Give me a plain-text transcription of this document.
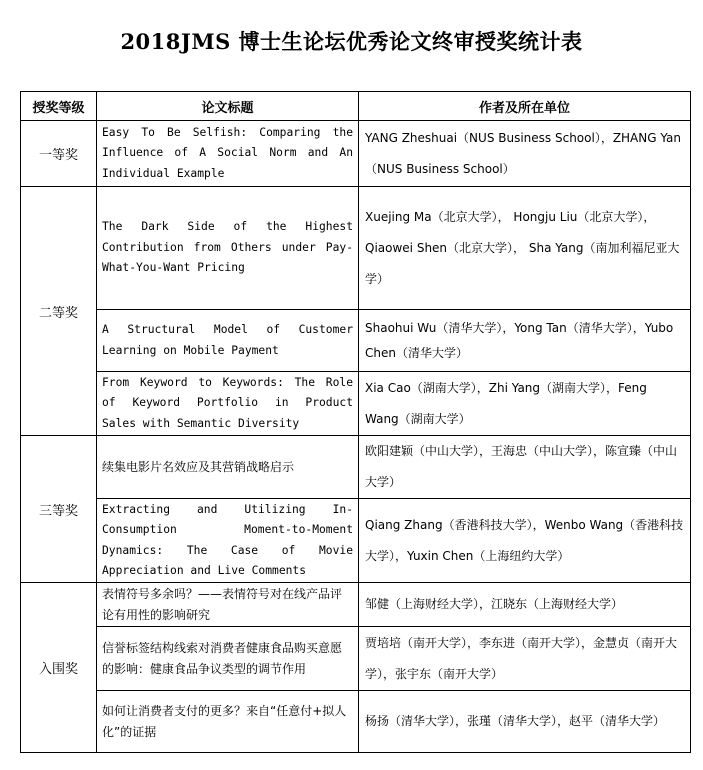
2018JMS 博士生论坛优秀论文终审授奖统计表
授奖等级	论文标题	作者及所在单位
一等奖	Easy To Be Selfish: Comparing the Influence of A Social Norm and An Individual Example	YANG Zheshuai（NUS Business School），ZHANG Yan（NUS Business School）

二等奖	The Dark Side of the Highest Contribution from Others under Pay-What-You-Want Pricing	Xuejing Ma（北京大学）， Hongju Liu（北京大学），Qiaowei Shen（北京大学）， Sha Yang（南加利福尼亚大学）

	A Structural Model of Customer Learning on Mobile Payment	Shaohui Wu（清华大学），Yong Tan（清华大学），Yubo Chen（清华大学）

	From Keyword to Keywords: The Role of Keyword Portfolio in Product Sales with Semantic Diversity	Xia Cao（湖南大学），Zhi Yang（湖南大学），Feng Wang（湖南大学）

三等奖	续集电影片名效应及其营销战略启示	欧阳建颖（中山大学），王海忠（中山大学），陈宣臻（中山大学）

	Extracting and Utilizing In-Consumption Moment-to-Moment Dynamics: The Case of Movie Appreciation and Live Comments	Qiang Zhang（香港科技大学），Wenbo Wang（香港科技大学），Yuxin Chen（上海纽约大学）

入围奖	表情符号多余吗？——表情符号对在线产品评论有用性的影响研究	邹健（上海财经大学），江晓东（上海财经大学）

	信誉标签结构线索对消费者健康食品购买意愿的影响：健康食品争议类型的调节作用	贾培培（南开大学），李东进（南开大学），金慧贞（南开大学），张宇东（南开大学）

	如何让消费者支付的更多？来自“任意付+拟人化”的证据	杨扬（清华大学），张瑾（清华大学），赵平（清华大学）
